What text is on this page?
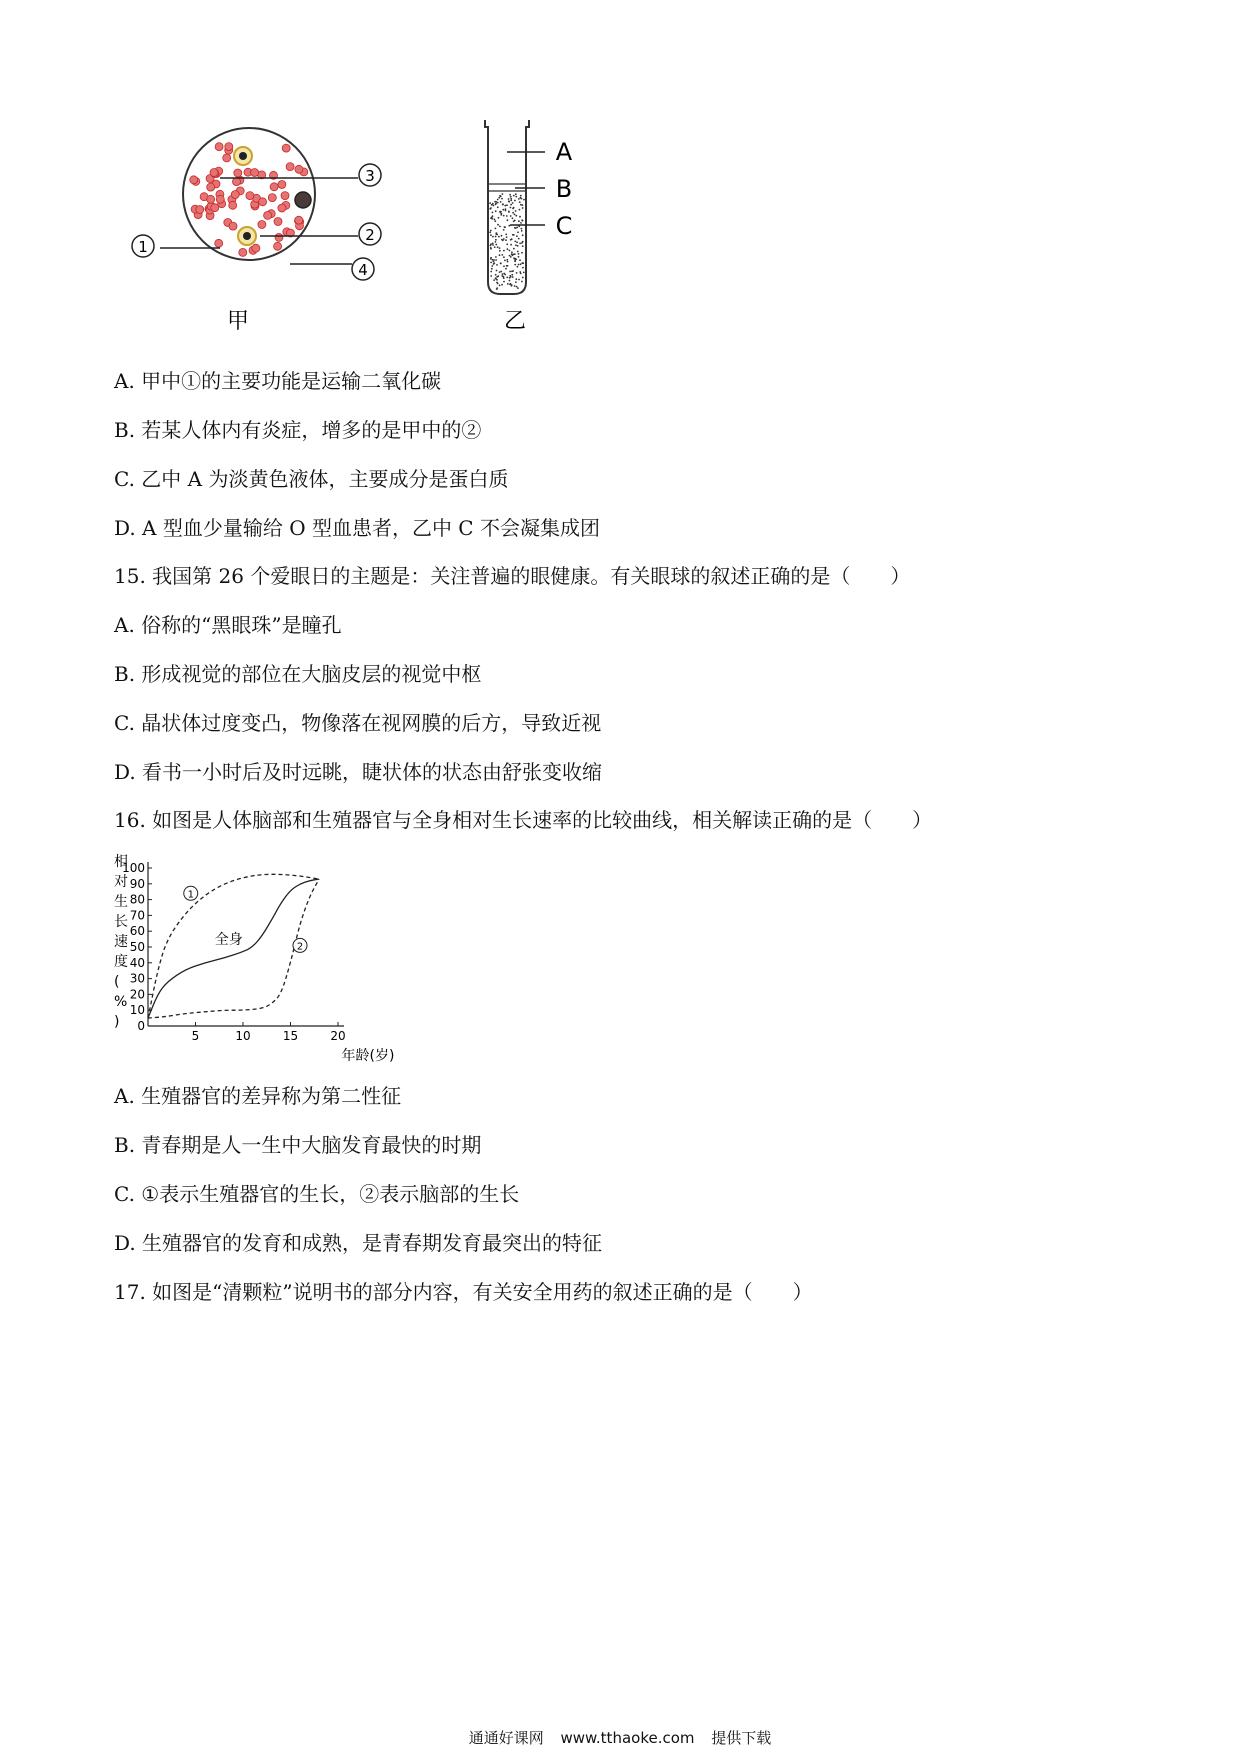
3
2
1
4
甲
A
B
C
乙
A. 甲中①的主要功能是运输二氧化碳
B. 若某人体内有炎症，增多的是甲中的②
C. 乙中 A 为淡黄色液体，主要成分是蛋白质
D. A 型血少量输给 O 型血患者，乙中 C 不会凝集成团
15. 我国第 26 个爱眼日的主题是：关注普遍的眼健康。有关眼球的叙述正确的是（　　）
A. 俗称的“黑眼珠”是瞳孔
B. 形成视觉的部位在大脑皮层的视觉中枢
C. 晶状体过度变凸，物像落在视网膜的后方，导致近视
D. 看书一小时后及时远眺，睫状体的状态由舒张变收缩
16. 如图是人体脑部和生殖器官与全身相对生长速率的比较曲线，相关解读正确的是（　　）
相
对
生
长
速
度
(
%
) 0
10
20
30
40
50
60
70
80
90
100
5	10	15	20
1
2
全身
年龄(岁)
A. 生殖器官的差异称为第二性征
B. 青春期是人一生中大脑发育最快的时期
C. ①表示生殖器官的生长，②表示脑部的生长
D. 生殖器官的发育和成熟，是青春期发育最突出的特征
17. 如图是“清颗粒”说明书的部分内容，有关安全用药的叙述正确的是（　　）
通通好课网 www.tthaoke.com 提供下载
